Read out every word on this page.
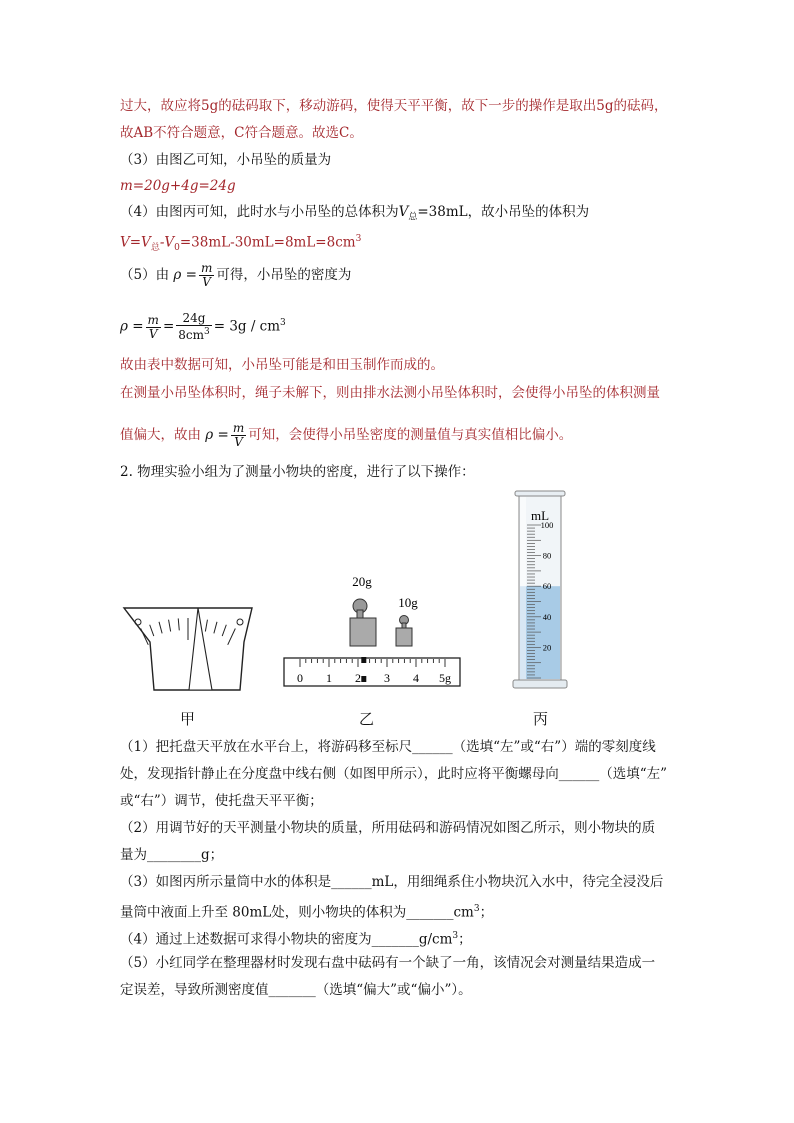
过大，故应将5g的砝码取下，移动游码，使得天平平衡，故下一步的操作是取出5g的砝码，
故AB不符合题意，C符合题意。故选C。
（3）由图乙可知，小吊坠的质量为
m=20g+4g=24g
（4）由图丙可知，此时水与小吊坠的总体积为$V_总=38mL$，故小吊坠的体积为
$V=V_总-V_0=38mL-30mL=8mL=8cm^3$
（5）由 $\rho = \frac{m}{V}$ 可得，小吊坠的密度为
$\rho = \frac{m}{V} = \frac{24g}{8cm^3} = 3g / cm^3$
故由表中数据可知，小吊坠可能是和田玉制作而成的。
在测量小吊坠体积时，绳子未解下，则由排水法测小吊坠体积时，会使得小吊坠的体积测量
值偏大，故由 $\rho = \frac{m}{V}$ 可知，会使得小吊坠密度的测量值与真实值相比偏小。
2. 物理实验小组为了测量小物块的密度，进行了以下操作：
甲
20g
10g
0 1 2 3 4 5g
乙
mL
100
80
60
40
20
丙
（1）把托盘天平放在水平台上，将游码移至标尺______（选填“左”或“右”）端的零刻度线
处，发现指针静止在分度盘中线右侧（如图甲所示），此时应将平衡螺母向______（选填“左”
或“右”）调节，使托盘天平平衡；
（2）用调节好的天平测量小物块的质量，所用砝码和游码情况如图乙所示，则小物块的质
量为________g；
（3）如图丙所示量筒中水的体积是______mL，用细绳系住小物块沉入水中，待完全浸没后
量筒中液面上升至 80mL处，则小物块的体积为$\_\_\_\_\_\_\_cm^3$；
（4）通过上述数据可求得小物块的密度为$\_\_\_\_\_\_\_g/cm^3$；
（5）小红同学在整理器材时发现右盘中砝码有一个缺了一角，该情况会对测量结果造成一
定误差，导致所测密度值_______（选填“偏大”或“偏小”）。
